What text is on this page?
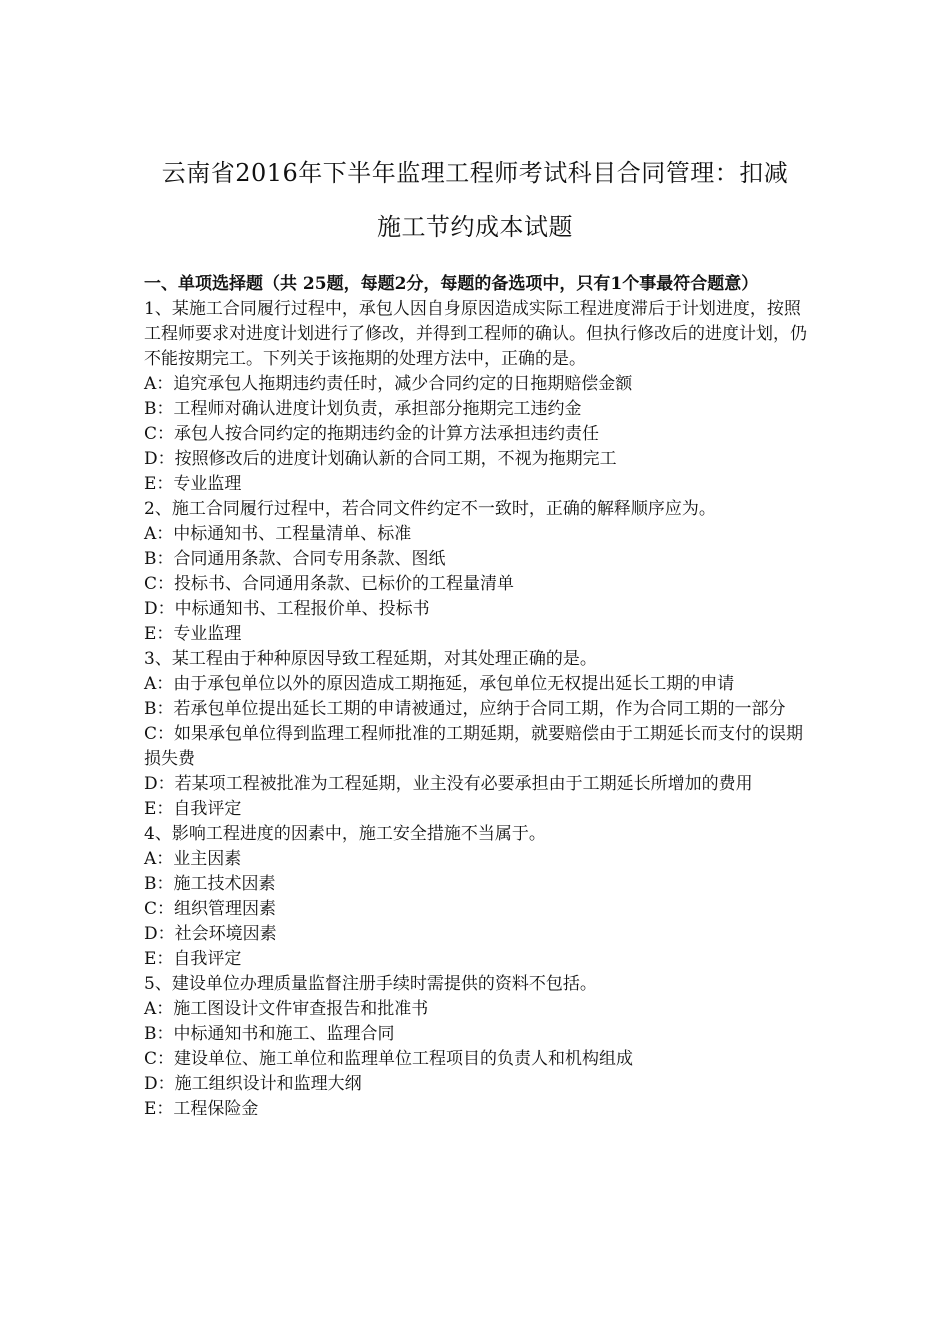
云南省2016年下半年监理工程师考试科目合同管理：扣减
施工节约成本试题

一、单项选择题（共 25题，每题2分，每题的备选项中，只有1个事最符合题意）

1、某施工合同履行过程中，承包人因自身原因造成实际工程进度滞后于计划进度，按照工程师要求对进度计划进行了修改，并得到工程师的确认。但执行修改后的进度计划，仍不能按期完工。下列关于该拖期的处理方法中，正确的是。

A：追究承包人拖期违约责任时，减少合同约定的日拖期赔偿金额

B：工程师对确认进度计划负责，承担部分拖期完工违约金

C：承包人按合同约定的拖期违约金的计算方法承担违约责任

D：按照修改后的进度计划确认新的合同工期，不视为拖期完工

E：专业监理

2、施工合同履行过程中，若合同文件约定不一致时，正确的解释顺序应为。

A：中标通知书、工程量清单、标准

B：合同通用条款、合同专用条款、图纸

C：投标书、合同通用条款、已标价的工程量清单

D：中标通知书、工程报价单、投标书

E：专业监理

3、某工程由于种种原因导致工程延期，对其处理正确的是。

A：由于承包单位以外的原因造成工期拖延，承包单位无权提出延长工期的申请

B：若承包单位提出延长工期的申请被通过，应纳于合同工期，作为合同工期的一部分

C：如果承包单位得到监理工程师批准的工期延期，就要赔偿由于工期延长而支付的误期损失费

D：若某项工程被批准为工程延期，业主没有必要承担由于工期延长所增加的费用

E：自我评定

4、影响工程进度的因素中，施工安全措施不当属于。

A：业主因素

B：施工技术因素

C：组织管理因素

D：社会环境因素

E：自我评定

5、建设单位办理质量监督注册手续时需提供的资料不包括。

A：施工图设计文件审查报告和批准书

B：中标通知书和施工、监理合同

C：建设单位、施工单位和监理单位工程项目的负责人和机构组成

D：施工组织设计和监理大纲

E：工程保险金
